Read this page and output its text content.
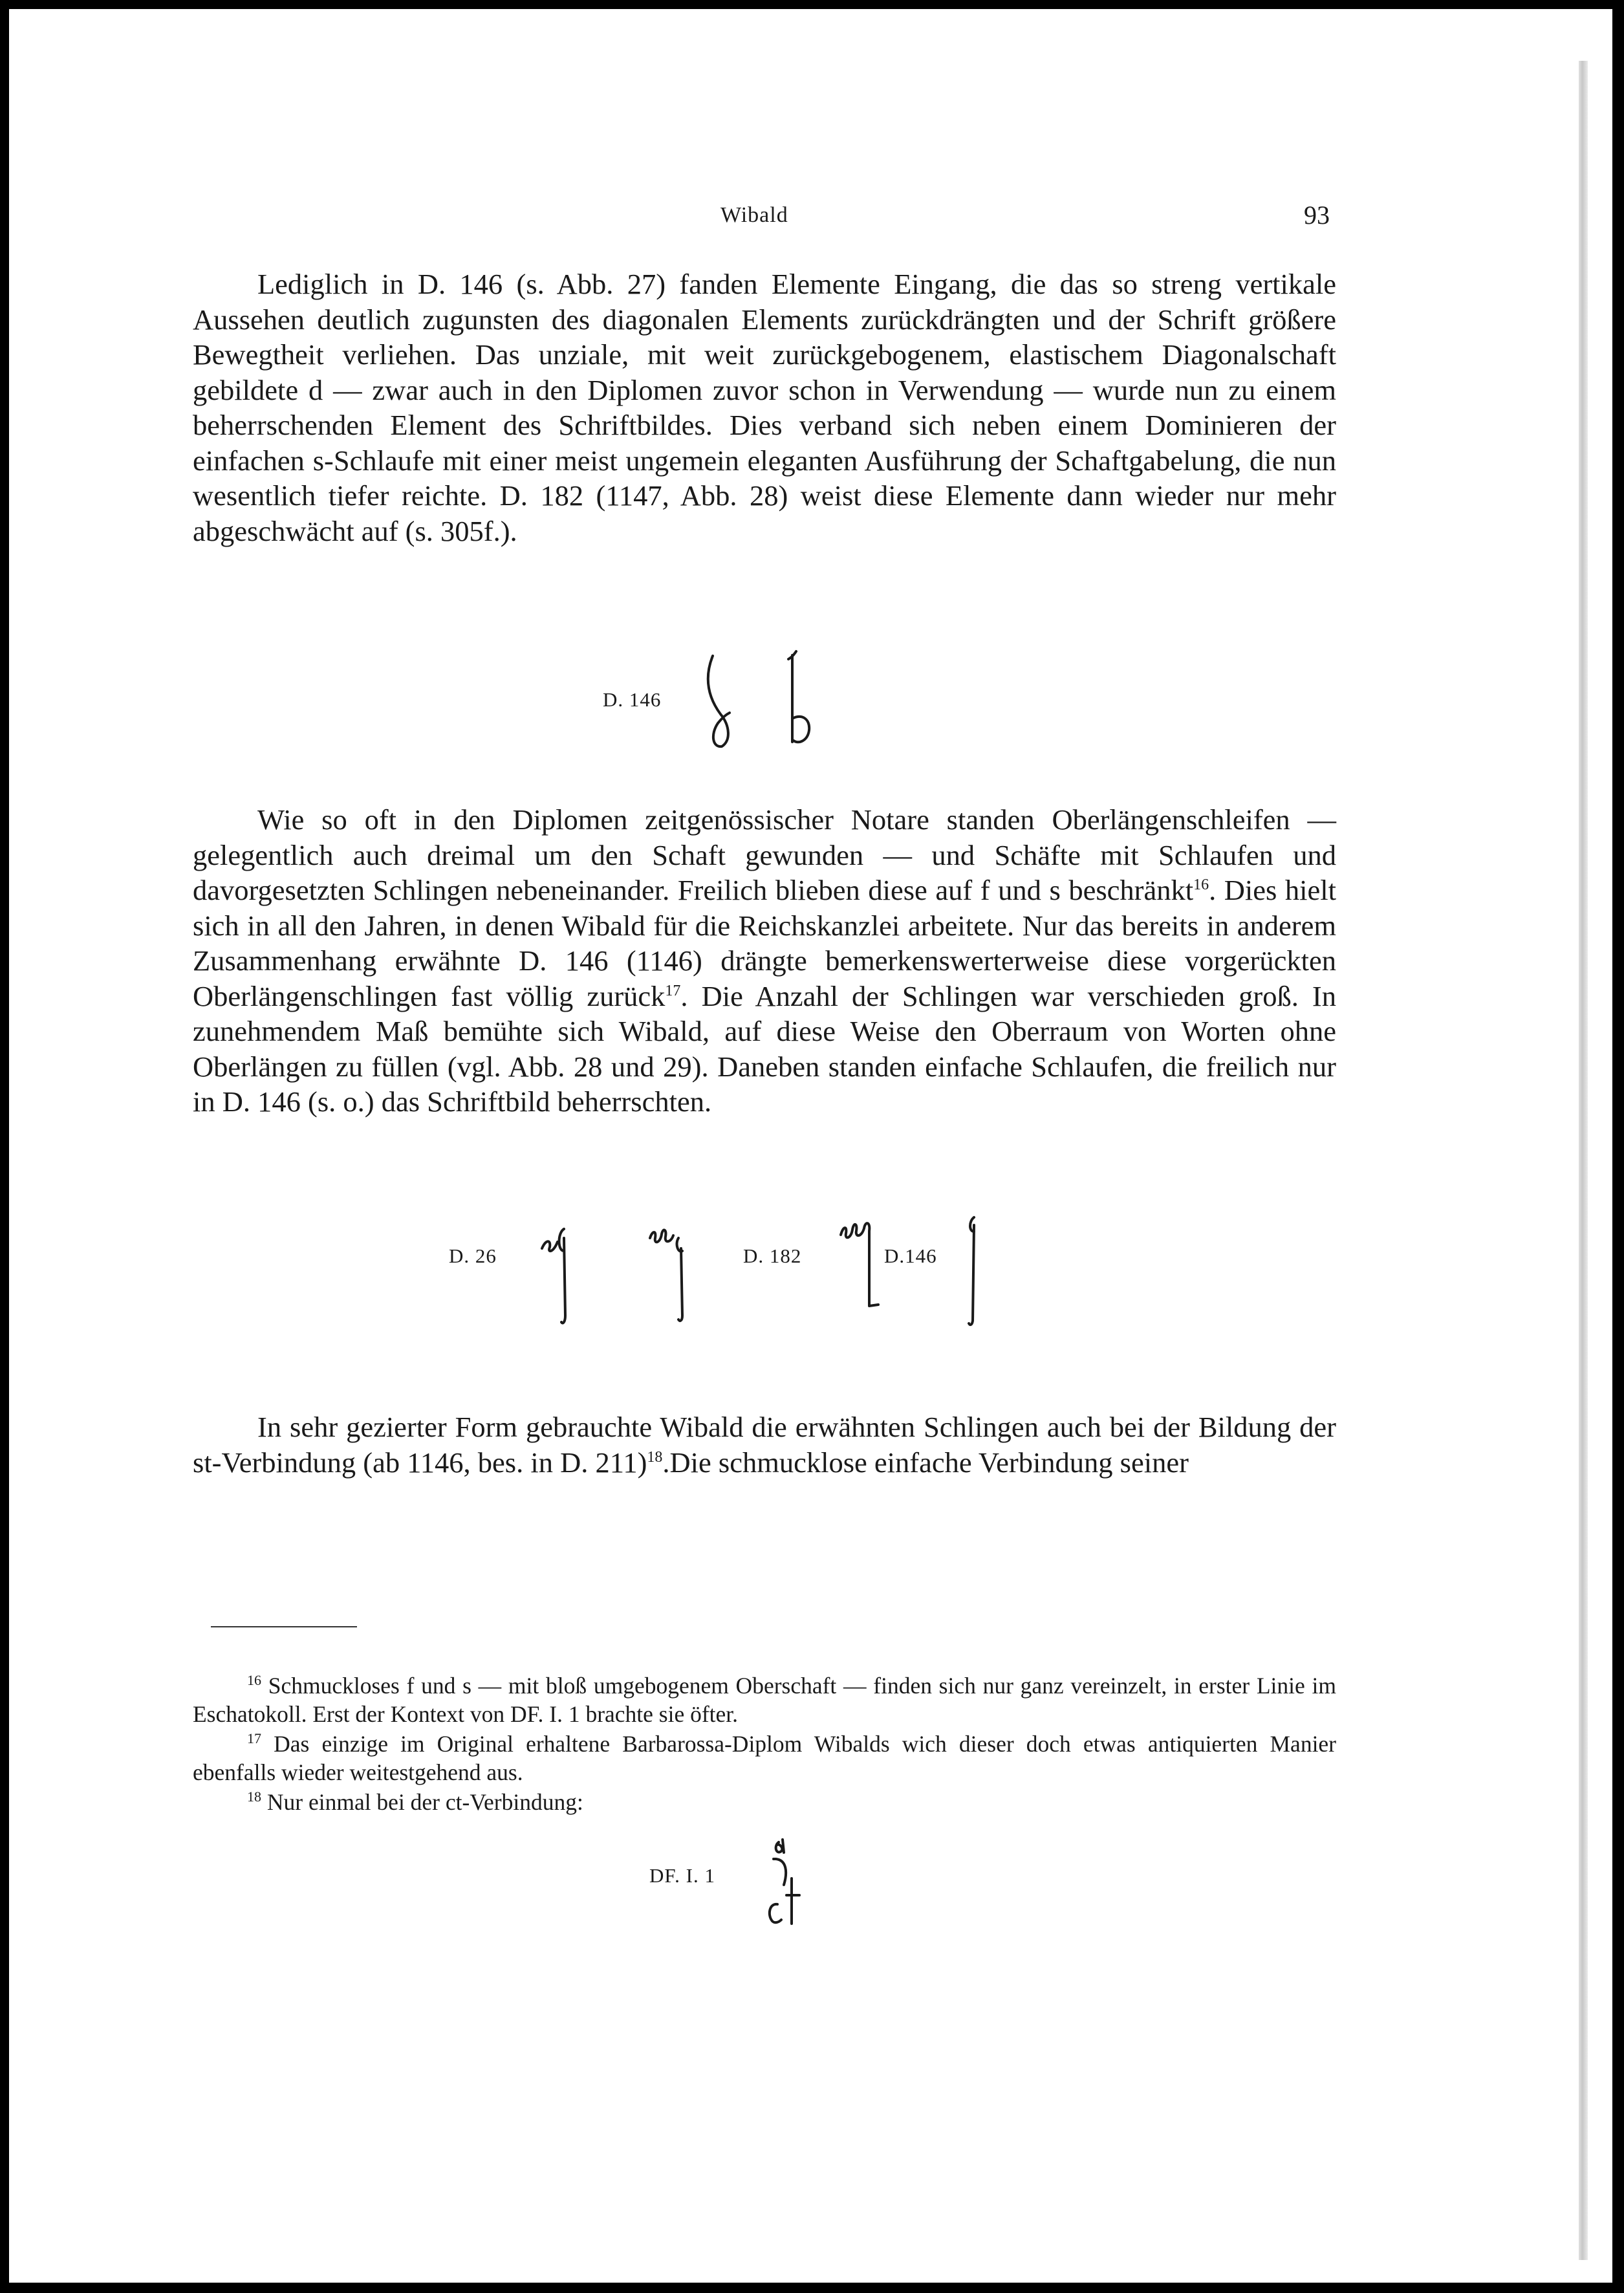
Wibald	93

Lediglich in D. 146 (s. Abb. 27) fanden Elemente Eingang, die das so streng vertikale Aussehen deutlich zugunsten des diagonalen Elements zurückdrängten und der Schrift größere Bewegtheit verliehen. Das unziale, mit weit zurückgebogenem, elastischem Diagonalschaft gebildete d — zwar auch in den Diplomen zuvor schon in Verwendung — wurde nun zu einem beherrschenden Element des Schriftbildes. Dies verband sich neben einem Dominieren der einfachen s-Schlaufe mit einer meist ungemein eleganten Ausführung der Schaftgabelung, die nun wesentlich tiefer reichte. D. 182 (1147, Abb. 28) weist diese Elemente dann wieder nur mehr abgeschwächt auf (s. 305f.).

D. 146

Wie so oft in den Diplomen zeitgenössischer Notare standen Oberlängenschleifen — gelegentlich auch dreimal um den Schaft gewunden — und Schäfte mit Schlaufen und davorgesetzten Schlingen nebeneinander. Freilich blieben diese auf f und s beschränkt$^{16}$. Dies hielt sich in all den Jahren, in denen Wibald für die Reichskanzlei arbeitete. Nur das bereits in anderem Zusammenhang erwähnte D. 146 (1146) drängte bemerkenswerterweise diese vorgerückten Oberlängenschlingen fast völlig zurück$^{17}$. Die Anzahl der Schlingen war verschieden groß. In zunehmendem Maß bemühte sich Wibald, auf diese Weise den Oberraum von Worten ohne Oberlängen zu füllen (vgl. Abb. 28 und 29). Daneben standen einfache Schlaufen, die freilich nur in D. 146 (s. o.) das Schriftbild beherrschten.

D. 26	D. 182	D.146

In sehr gezierter Form gebrauchte Wibald die erwähnten Schlingen auch bei der Bildung der st-Verbindung (ab 1146, bes. in D. 211)$^{18}$.Die schmucklose einfache Verbindung seiner

$^{16}$ Schmuckloses f und s — mit bloß umgebogenem Oberschaft — finden sich nur ganz vereinzelt, in erster Linie im Eschatokoll. Erst der Kontext von DF. I. 1 brachte sie öfter.

$^{17}$ Das einzige im Original erhaltene Barbarossa-Diplom Wibalds wich dieser doch etwas antiquierten Manier ebenfalls wieder weitestgehend aus.

$^{18}$ Nur einmal bei der ct-Verbindung:

DF. I. 1
